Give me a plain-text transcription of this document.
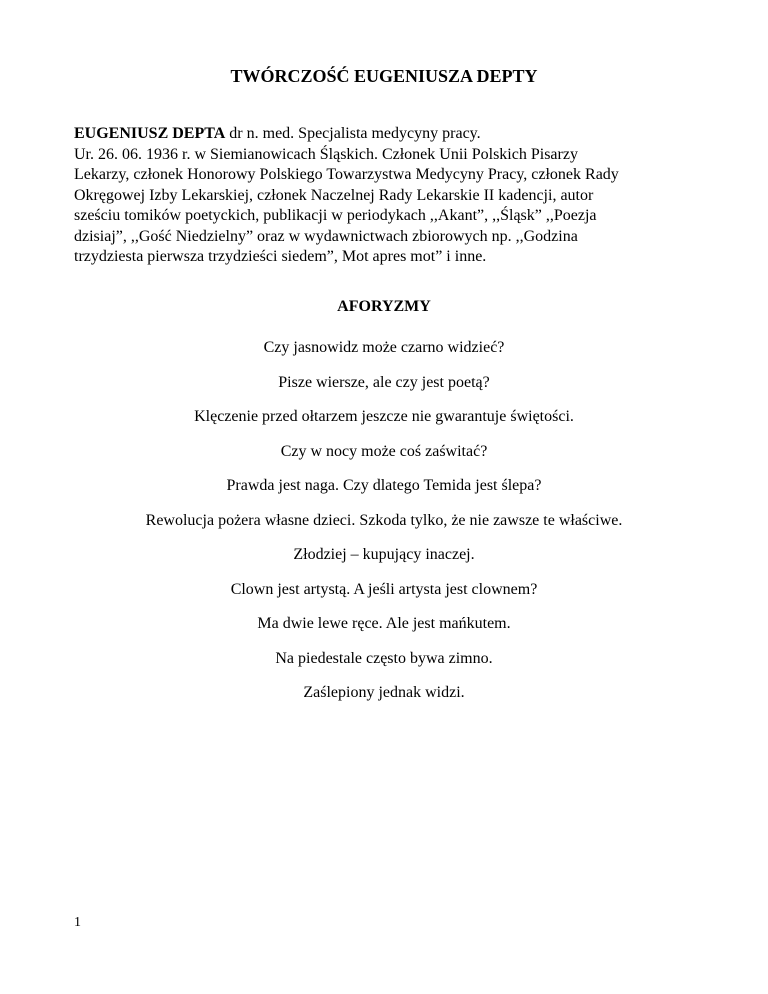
TWÓRCZOŚĆ EUGENIUSZA DEPTY

EUGENIUSZ DEPTA dr n. med. Specjalista medycyny pracy.
Ur. 26. 06. 1936 r. w Siemianowicach Śląskich. Członek Unii Polskich Pisarzy
Lekarzy, członek Honorowy Polskiego Towarzystwa Medycyny Pracy, członek Rady
Okręgowej Izby Lekarskiej, członek Naczelnej Rady Lekarskie II kadencji, autor
sześciu tomików poetyckich, publikacji w periodykach ,,Akant”, ,,Śląsk” ,,Poezja
dzisiaj”, ,,Gość Niedzielny” oraz w wydawnictwach zbiorowych np. ,,Godzina
trzydziesta pierwsza trzydzieści siedem”, Mot apres mot” i inne.

AFORYZMY
Czy jasnowidz może czarno widzieć?
Pisze wiersze, ale czy jest poetą?
Klęczenie przed ołtarzem jeszcze nie gwarantuje świętości.
Czy w nocy może coś zaświtać?
Prawda jest naga. Czy dlatego Temida jest ślepa?
Rewolucja pożera własne dzieci. Szkoda tylko, że nie zawsze te właściwe.
Złodziej – kupujący inaczej.
Clown jest artystą. A jeśli artysta jest clownem?
Ma dwie lewe ręce. Ale jest mańkutem.
Na piedestale często bywa zimno.
Zaślepiony jednak widzi.
1
